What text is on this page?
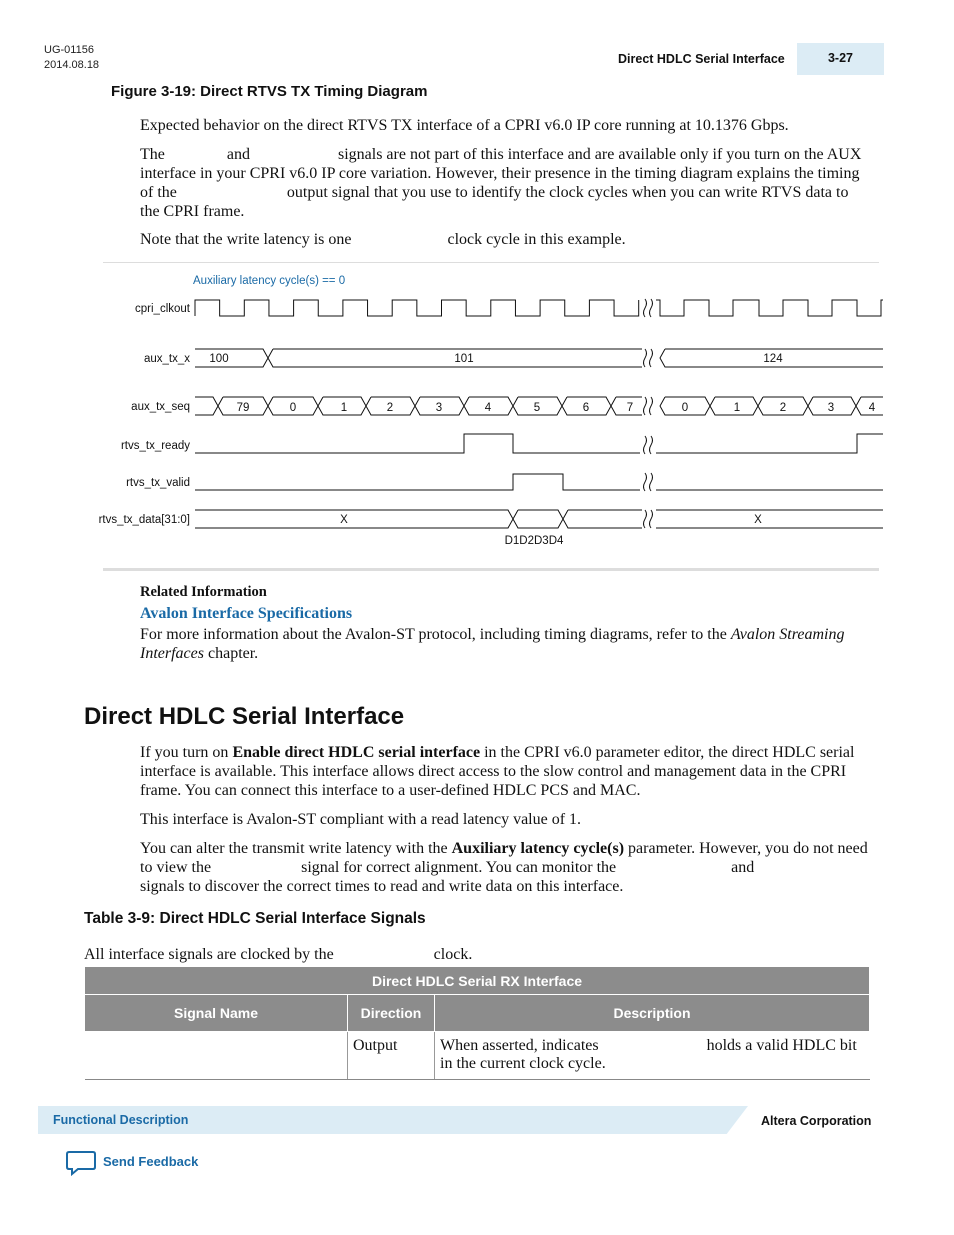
UG-01156
2014.08.18	Direct HDLC Serial Interface	3-27
Figure 3-19: Direct RTVS TX Timing Diagram
Expected behavior on the direct RTVS TX interface of a CPRI v6.0 IP core running at 10.1376 Gbps.
The	and	signals are not part of this interface and are available only if you turn on the AUX interface in your CPRI v6.0 IP core variation. However, their presence in the timing diagram explains the timing of the	output signal that you use to identify the clock cycles when you can write RTVS data to the CPRI frame.
Note that the write latency is one	clock cycle in this example.
Auxiliary latency cycle(s) == 0
cpri_clkout
aux_tx_x
aux_tx_seq
rtvs_tx_ready
rtvs_tx_valid
rtvs_tx_data[31:0]
100	101	124
79	0	1	2	3	4	5	6	7	0	1	2	3	4
X	X
D1D2D3D4
Related Information
Avalon Interface Specifications
For more information about the Avalon-ST protocol, including timing diagrams, refer to the Avalon Streaming Interfaces chapter.
Direct HDLC Serial Interface
If you turn on Enable direct HDLC serial interface in the CPRI v6.0 parameter editor, the direct HDLC serial interface is available. This interface allows direct access to the slow control and management data in the CPRI frame. You can connect this interface to a user-defined HDLC PCS and MAC.
This interface is Avalon-ST compliant with a read latency value of 1.
You can alter the transmit write latency with the Auxiliary latency cycle(s) parameter. However, you do not need to view the	signal for correct alignment. You can monitor the	andsignals to discover the correct times to read and write data on this interface.
Table 3-9: Direct HDLC Serial Interface Signals
All interface signals are clocked by the	clock.
Direct HDLC Serial RX Interface		
Signal Name	Direction	Description
	Output	When asserted, indicates holds a valid HDLC bit in the current clock cycle.
Functional Description	Altera Corporation
Send Feedback
